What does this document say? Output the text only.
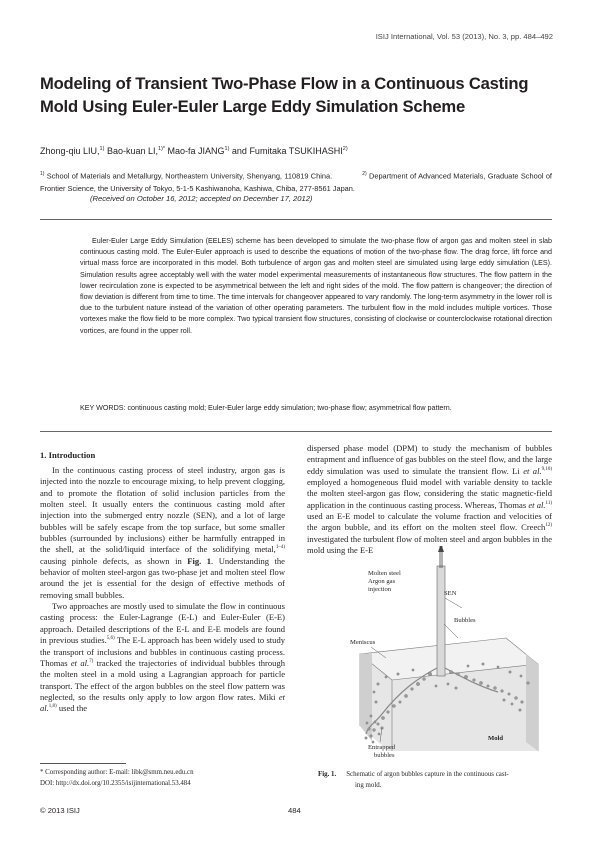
ISIJ International, Vol. 53 (2013), No. 3, pp. 484–492
Modeling of Transient Two-Phase Flow in a Continuous Casting
Mold Using Euler-Euler Large Eddy Simulation Scheme
Zhong-qiu LIU,$^{1)}$ Bao-kuan LI,$^{1)*}$ Mao-fa JIANG$^{1)}$ and Fumitaka TSUKIHASHI$^{2)}$
$^{1)}$ School of Materials and Metallurgy, Northeastern University, Shenyang, 110819 China.	$^{2)}$ Department of Advanced Materials, Graduate School of Frontier Science, the University of Tokyo, 5-1-5 Kashiwanoha, Kashiwa, Chiba, 277-8561 Japan.
(Received on October 16, 2012; accepted on December 17, 2012)

Euler-Euler Large Eddy Simulation (EELES) scheme has been developed to simulate the two-phase flow of argon gas and molten steel in slab continuous casting mold. The Euler-Euler approach is used to describe the equations of motion of the two-phase flow. The drag force, lift force and virtual mass force are incorporated in this model. Both turbulence of argon gas and molten steel are simulated using large eddy simulation (LES). Simulation results agree acceptably well with the water model experimental measurements of instantaneous flow structures. The flow pattern in the lower recirculation zone is expected to be asymmetrical between the left and right sides of the mold. The flow pattern is changeover; the direction of flow deviation is different from time to time. The time intervals for changeover appeared to vary randomly. The long-term asymmetry in the lower roll is due to the turbulent nature instead of the variation of other operating parameters. The turbulent flow in the mold includes multiple vortices. Those vortexes make the flow field to be more complex. Two typical transient flow structures, consisting of clockwise or counterclockwise rotational direction vortices, are found in the upper roll.

KEY WORDS: continuous casting mold; Euler-Euler large eddy simulation; two-phase flow; asymmetrical flow pattern.
1. Introduction

In the continuous casting process of steel industry, argon gas is injected into the nozzle to encourage mixing, to help prevent clogging, and to promote the flotation of solid inclusion particles from the molten steel. It usually enters the continuous casting mold after injection into the submerged entry nozzle (SEN), and a lot of large bubbles will be safely escape from the top surface, but some smaller bubbles (surrounded by inclusions) either be harmfully entrapped in the shell, at the solid/liquid interface of the solidifying metal,$^{1-4)}$ causing pinhole defects, as shown in Fig. 1. Understanding the behavior of molten steel-argon gas two-phase jet and molten steel flow around the jet is essential for the design of effective methods of removing small bubbles.

Two approaches are mostly used to simulate the flow in continuous casting process: the Euler-Lagrange (E-L) and Euler-Euler (E-E) approach. Detailed descriptions of the E-L and E-E models are found in previous studies.$^{5,6)}$ The E-L approach has been widely used to study the transport of inclusions and bubbles in continuous casting process. Thomas et al.$^{7)}$ tracked the trajectories of individual bubbles through the molten steel in a mold using a Lagrangian approach for particle transport. The effect of the argon bubbles on the steel flow pattern was neglected, so the results only apply to low argon flow rates. Miki et al.$^{1,8)}$ used the

dispersed phase model (DPM) to study the mechanism of bubbles entrapment and influence of gas bubbles on the steel flow, and the large eddy simulation was used to simulate the transient flow. Li et al.$^{9,10)}$ employed a homogeneous fluid model with variable density to tackle the molten steel-argon gas flow, considering the static magnetic-field application in the continuous casting process. Whereas, Thomas et al.$^{11)}$ used an E-E model to calculate the volume fraction and velocities of the argon bubble, and its effort on the molten steel flow. Creech$^{12)}$ investigated the turbulent flow of molten steel and argon bubbles in the mold using the E-E

Molten steel
Argon gas
injection
SEN
Bubbles
Meniscus
Entrapped
bubbles
Mold
Fig. 1. Schematic of argon bubbles capture in the continuous cast-
ing mold.
* Corresponding author: E-mail: libk@smm.neu.edu.cn
DOI: http://dx.doi.org/10.2355/isijinternational.53.484
© 2013 ISIJ	484
